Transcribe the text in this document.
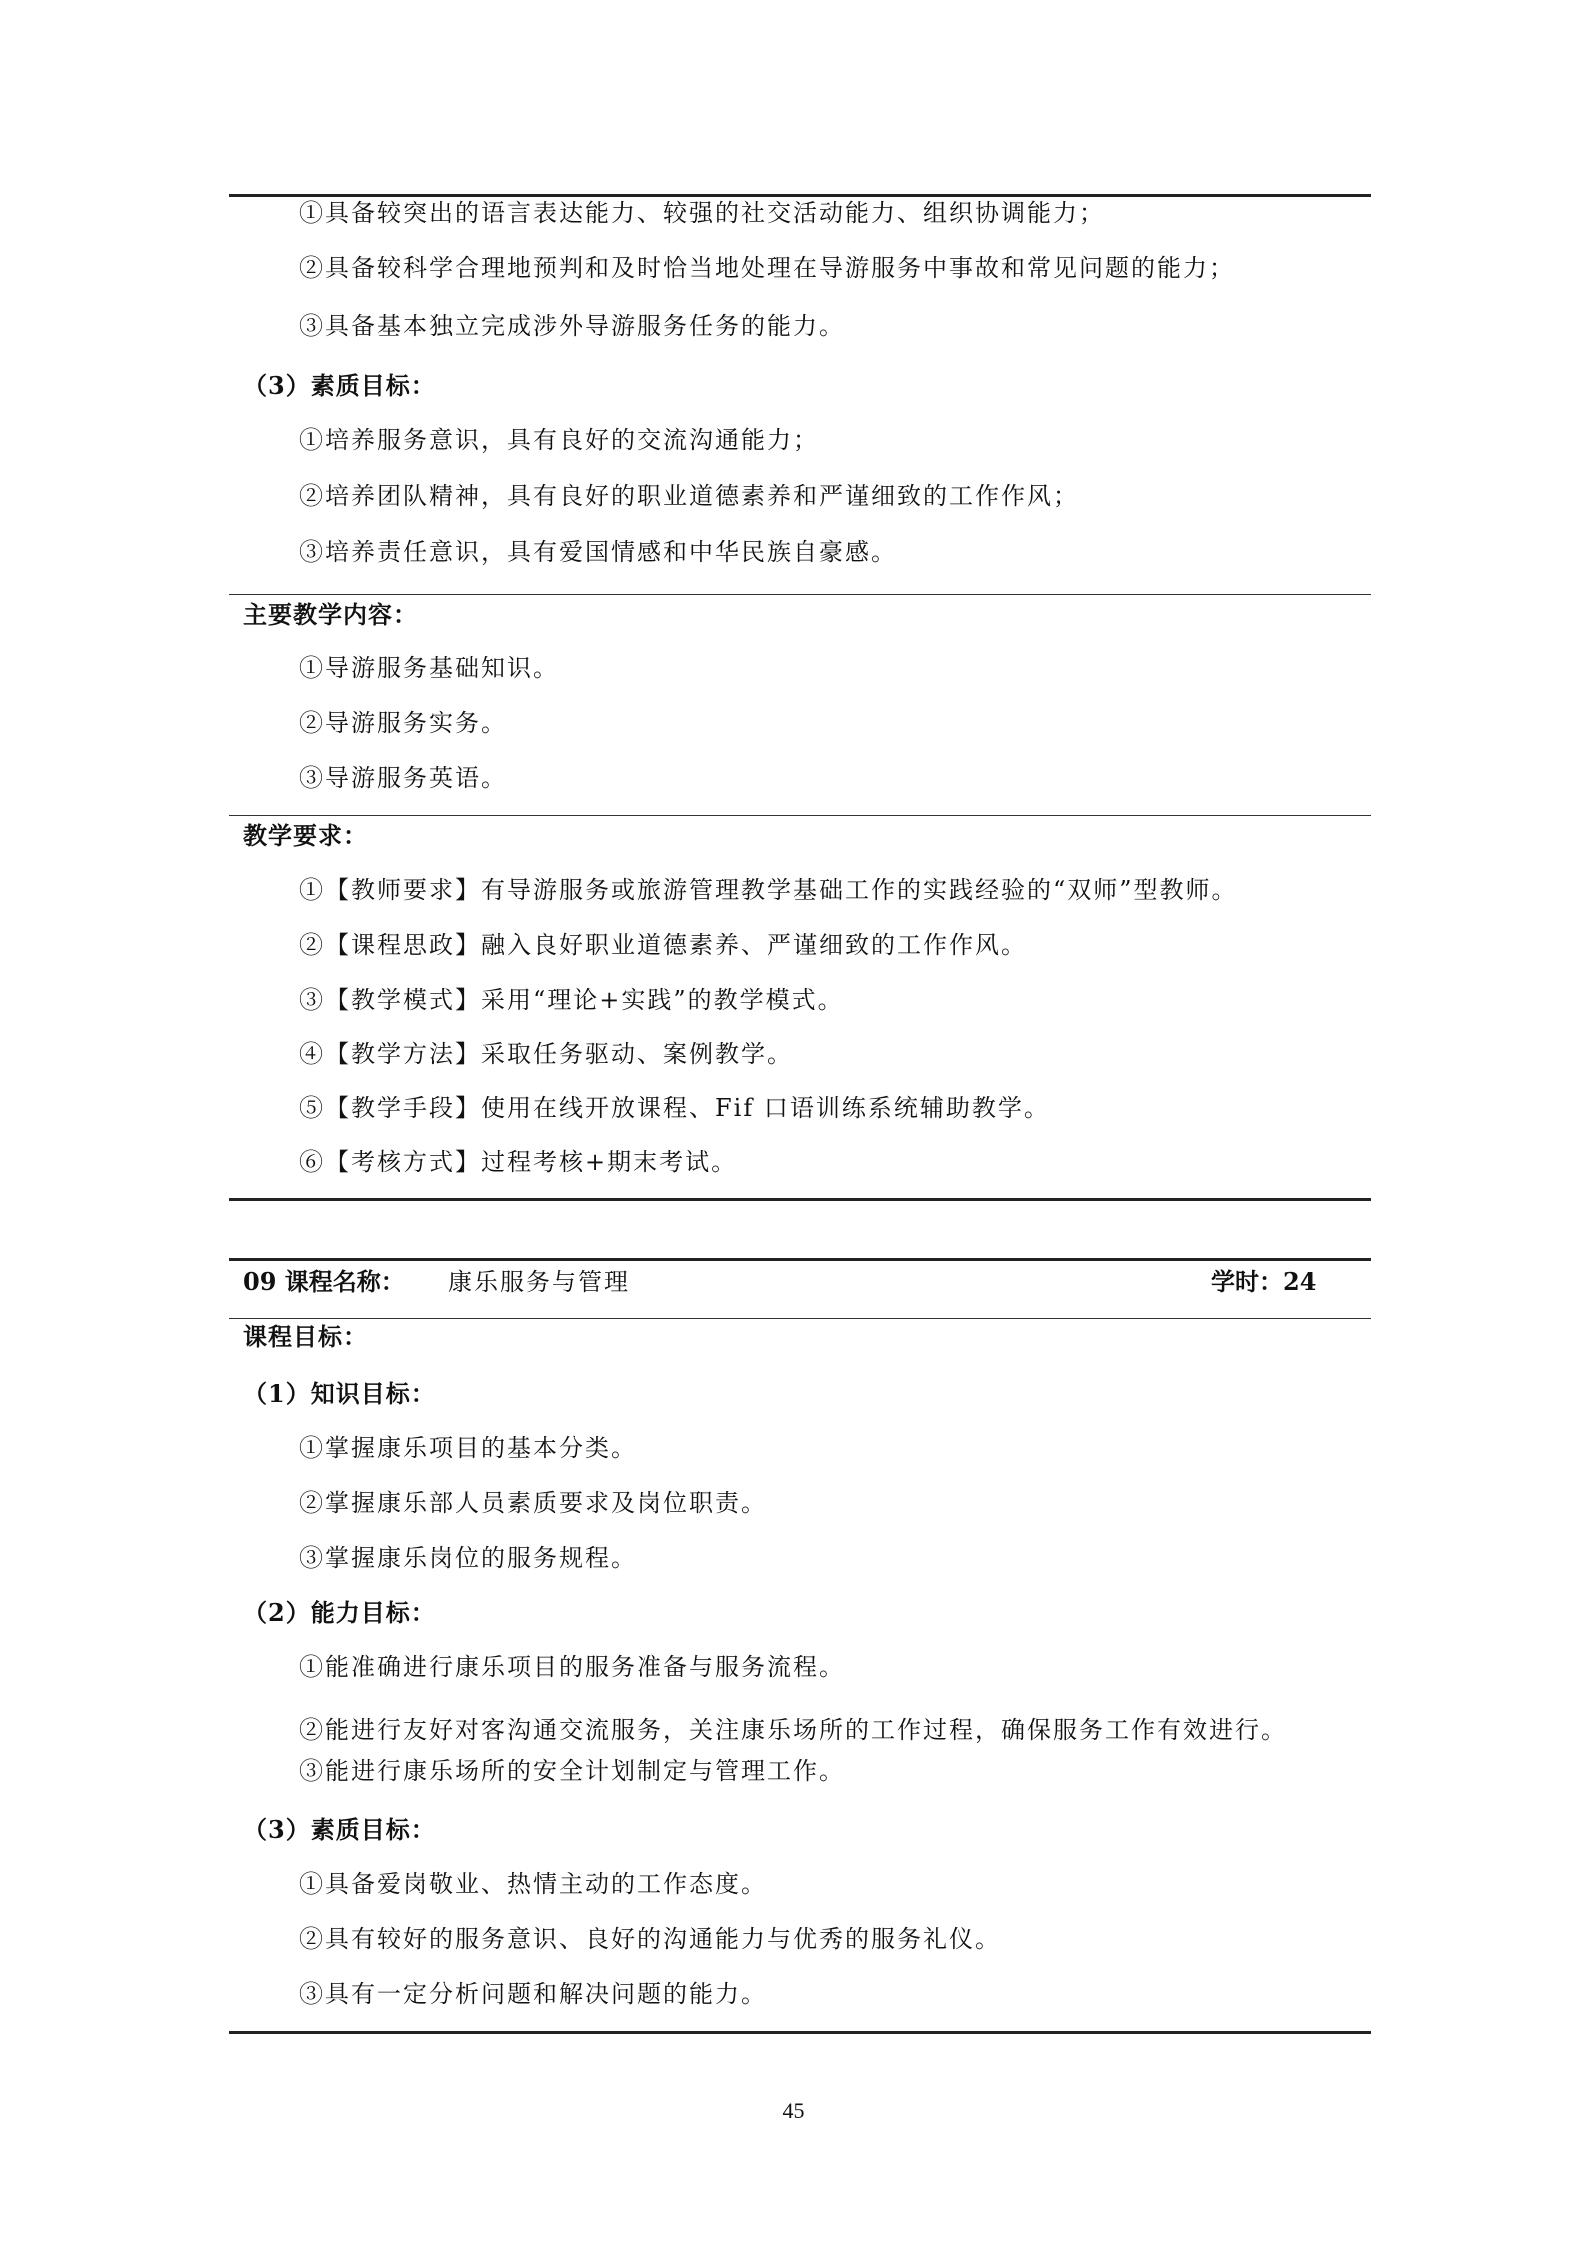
①具备较突出的语言表达能力、较强的社交活动能力、组织协调能力；
②具备较科学合理地预判和及时恰当地处理在导游服务中事故和常见问题的能力；
③具备基本独立完成涉外导游服务任务的能力。
（3）素质目标：
①培养服务意识，具有良好的交流沟通能力；
②培养团队精神，具有良好的职业道德素养和严谨细致的工作作风；
③培养责任意识，具有爱国情感和中华民族自豪感。
主要教学内容：
①导游服务基础知识。
②导游服务实务。
③导游服务英语。
教学要求：
①【教师要求】有导游服务或旅游管理教学基础工作的实践经验的“双师”型教师。
②【课程思政】融入良好职业道德素养、严谨细致的工作作风。
③【教学模式】采用“理论+实践”的教学模式。
④【教学方法】采取任务驱动、案例教学。
⑤【教学手段】使用在线开放课程、Fif 口语训练系统辅助教学。
⑥【考核方式】过程考核+期末考试。
09 课程名称： 康乐服务与管理	学时：24
课程目标：
（1）知识目标：
①掌握康乐项目的基本分类。
②掌握康乐部人员素质要求及岗位职责。
③掌握康乐岗位的服务规程。
（2）能力目标：
①能准确进行康乐项目的服务准备与服务流程。
②能进行友好对客沟通交流服务，关注康乐场所的工作过程，确保服务工作有效进行。
③能进行康乐场所的安全计划制定与管理工作。
（3）素质目标：
①具备爱岗敬业、热情主动的工作态度。
②具有较好的服务意识、良好的沟通能力与优秀的服务礼仪。
③具有一定分析问题和解决问题的能力。
45
